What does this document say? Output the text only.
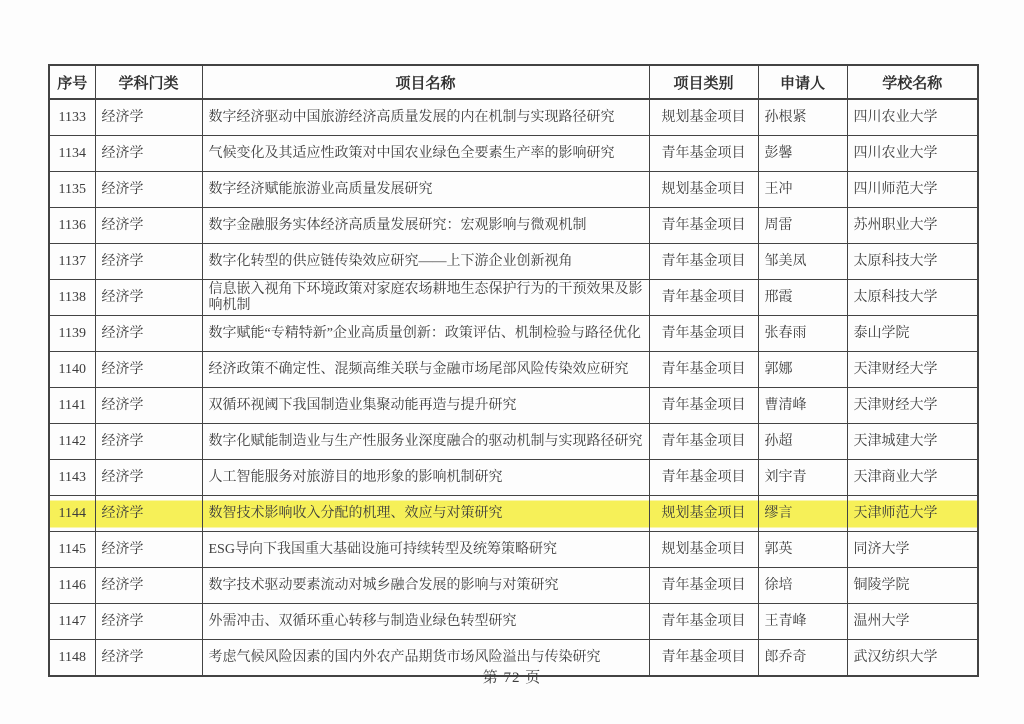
序号	学科门类	项目名称	项目类别	申请人	学校名称
1133	经济学	数字经济驱动中国旅游经济高质量发展的内在机制与实现路径研究	规划基金项目	孙根紧	四川农业大学
1134	经济学	气候变化及其适应性政策对中国农业绿色全要素生产率的影响研究	青年基金项目	彭馨	四川农业大学
1135	经济学	数字经济赋能旅游业高质量发展研究	规划基金项目	王冲	四川师范大学
1136	经济学	数字金融服务实体经济高质量发展研究：宏观影响与微观机制	青年基金项目	周雷	苏州职业大学
1137	经济学	数字化转型的供应链传染效应研究——上下游企业创新视角	青年基金项目	邹美凤	太原科技大学
1138	经济学	信息嵌入视角下环境政策对家庭农场耕地生态保护行为的干预效果及影响机制	青年基金项目	邢霞	太原科技大学
1139	经济学	数字赋能“专精特新”企业高质量创新：政策评估、机制检验与路径优化	青年基金项目	张春雨	泰山学院
1140	经济学	经济政策不确定性、混频高维关联与金融市场尾部风险传染效应研究	青年基金项目	郭娜	天津财经大学
1141	经济学	双循环视阈下我国制造业集聚动能再造与提升研究	青年基金项目	曹清峰	天津财经大学
1142	经济学	数字化赋能制造业与生产性服务业深度融合的驱动机制与实现路径研究	青年基金项目	孙超	天津城建大学
1143	经济学	人工智能服务对旅游目的地形象的影响机制研究	青年基金项目	刘宇青	天津商业大学
1144	经济学	数智技术影响收入分配的机理、效应与对策研究	规划基金项目	缪言	天津师范大学
1145	经济学	ESG导向下我国重大基础设施可持续转型及统筹策略研究	规划基金项目	郭英	同济大学
1146	经济学	数字技术驱动要素流动对城乡融合发展的影响与对策研究	青年基金项目	徐培	铜陵学院
1147	经济学	外需冲击、双循环重心转移与制造业绿色转型研究	青年基金项目	王青峰	温州大学
1148	经济学	考虑气候风险因素的国内外农产品期货市场风险溢出与传染研究	青年基金项目	郎乔奇	武汉纺织大学
第 72 页
